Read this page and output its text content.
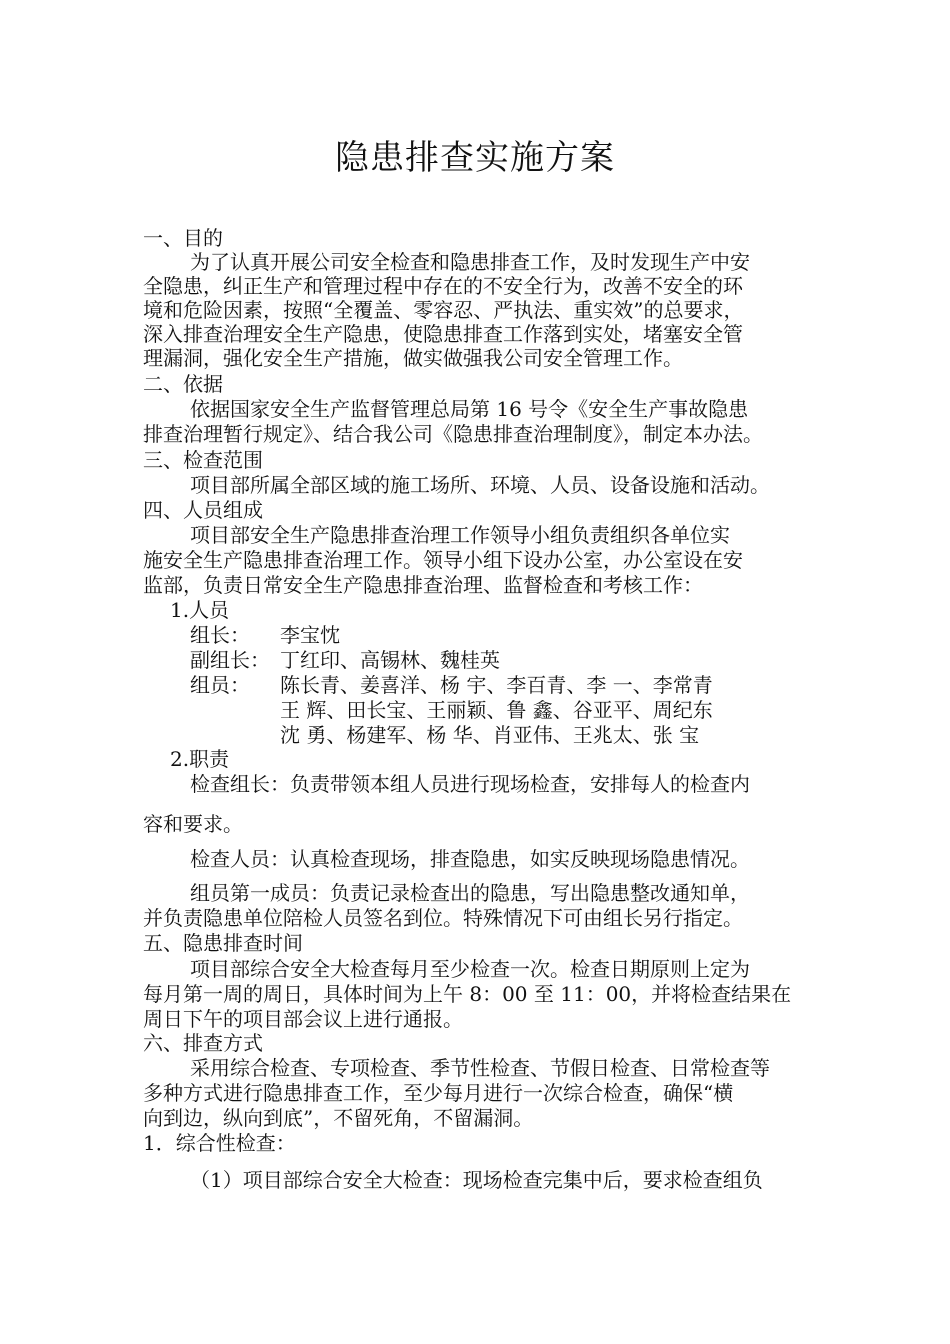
隐患排查实施方案
一、目的
为了认真开展公司安全检查和隐患排查工作，及时发现生产中安
全隐患，纠正生产和管理过程中存在的不安全行为，改善不安全的环
境和危险因素，按照“全覆盖、零容忍、严执法、重实效”的总要求，
深入排查治理安全生产隐患，使隐患排查工作落到实处，堵塞安全管
理漏洞，强化安全生产措施，做实做强我公司安全管理工作。
二、依据
依据国家安全生产监督管理总局第 16 号令《安全生产事故隐患
排查治理暂行规定》、结合我公司《隐患排查治理制度》，制定本办法。
三、检查范围
项目部所属全部区域的施工场所、环境、人员、设备设施和活动。
四、人员组成
项目部安全生产隐患排查治理工作领导小组负责组织各单位实
施安全生产隐患排查治理工作。领导小组下设办公室，办公室设在安
监部，负责日常安全生产隐患排查治理、监督检查和考核工作：
1.人员
组长： 李宝忱
副组长： 丁红印、高锡林、魏桂英
组员： 陈长青、姜喜洋、杨 宇、李百青、李 一、李常青
王 辉、田长宝、王丽颖、鲁 鑫、谷亚平、周纪东
沈 勇、杨建军、杨 华、肖亚伟、王兆太、张 宝
2.职责
检查组长：负责带领本组人员进行现场检查，安排每人的检查内
容和要求。
检查人员：认真检查现场，排查隐患，如实反映现场隐患情况。
组员第一成员：负责记录检查出的隐患，写出隐患整改通知单，
并负责隐患单位陪检人员签名到位。特殊情况下可由组长另行指定。
五、隐患排查时间
项目部综合安全大检查每月至少检查一次。检查日期原则上定为
每月第一周的周日，具体时间为上午 8：00 至 11：00，并将检查结果在
周日下午的项目部会议上进行通报。
六、排查方式
采用综合检查、专项检查、季节性检查、节假日检查、日常检查等
多种方式进行隐患排查工作，至少每月进行一次综合检查，确保“横
向到边，纵向到底”，不留死角，不留漏洞。
1．综合性检查：
（1）项目部综合安全大检查：现场检查完集中后，要求检查组负
